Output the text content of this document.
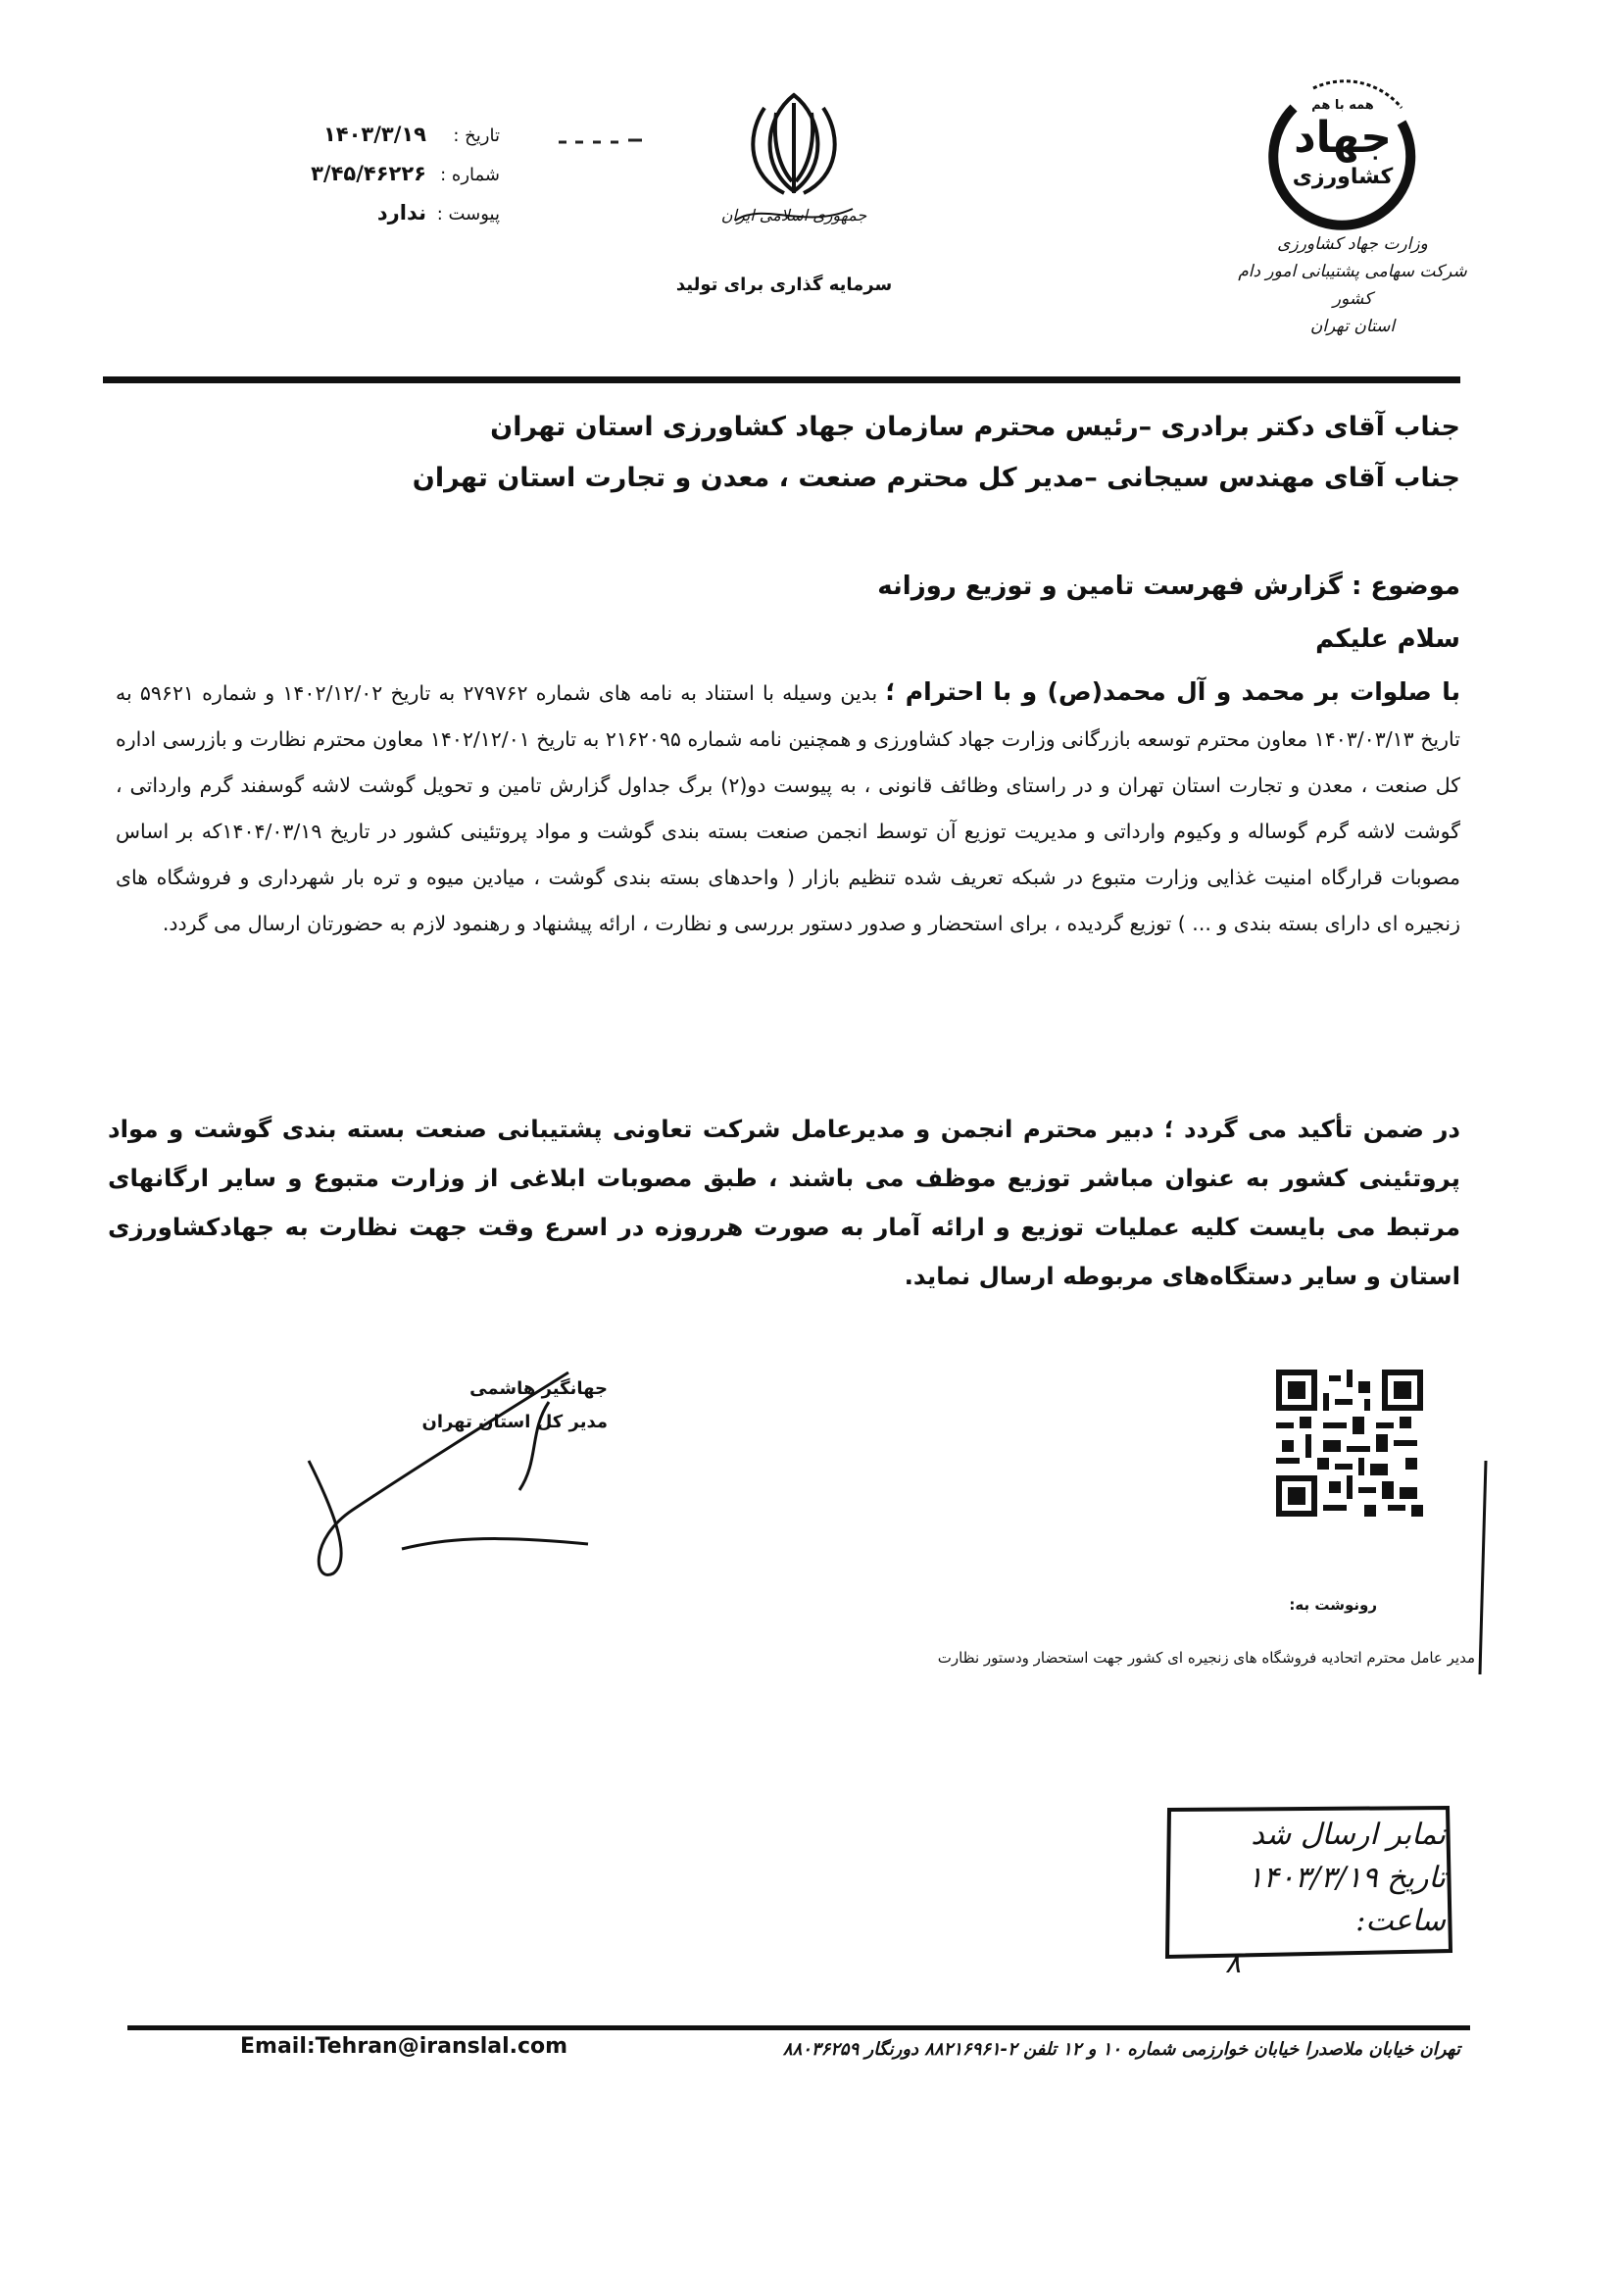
تاریخ :
۱۴۰۳/۳/۱۹
شماره :
۳/۴۵/۴۶۲۲۶
پیوست :
ندارد	جمهوری اسلامی ایران
سرمایه گذاری برای تولید
همه با هم
جهاد
کشاورزی
وزارت جهاد کشاورزی
شرکت سهامی پشتیبانی امور دام کشور
استان تهران
جناب آقای دکتر برادری –رئیس محترم سازمان جهاد کشاورزی استان تهران
جناب آقای مهندس سیجانی –مدیر کل محترم صنعت ، معدن و تجارت استان تهران
موضوع : گزارش فهرست تامین و توزیع روزانه
سلام علیکم
با صلوات بر محمد و آل محمد(ص) و با احترام ؛ بدین وسیله با استناد به نامه های شماره ۲۷۹۷۶۲ به تاریخ ۱۴۰۲/۱۲/۰۲ و شماره ۵۹۶۲۱ به تاریخ ۱۴۰۳/۰۳/۱۳ معاون محترم توسعه بازرگانی وزارت جهاد کشاورزی و همچنین نامه شماره ۲۱۶۲۰۹۵ به تاریخ ۱۴۰۲/۱۲/۰۱ معاون محترم نظارت و بازرسی اداره کل صنعت ، معدن و تجارت استان تهران و در راستای وظائف قانونی ، به پیوست دو(۲) برگ جداول گزارش تامین و تحویل گوشت لاشه گوسفند گرم وارداتی ، گوشت لاشه گرم گوساله و وکیوم وارداتی و مدیریت توزیع آن توسط انجمن صنعت بسته بندی گوشت و مواد پروتئینی کشور در تاریخ ۱۴۰۴/۰۳/۱۹که بر اساس مصوبات قرارگاه امنیت غذایی وزارت متبوع در شبکه تعریف شده تنظیم بازار ( واحدهای بسته بندی گوشت ، میادین میوه و تره بار شهرداری و فروشگاه های زنجیره ای دارای بسته بندی و ... ) توزیع گردیده ، برای استحضار و صدور دستور بررسی و نظارت ، ارائه پیشنهاد و رهنمود لازم به حضورتان ارسال می گردد.
در ضمن تأکید می گردد ؛ دبیر محترم انجمن و مدیرعامل شرکت تعاونی پشتیبانی صنعت بسته بندی گوشت و مواد پروتئینی کشور به عنوان مباشر توزیع موظف می باشند ، طبق مصوبات ابلاغی از وزارت متبوع و سایر ارگانهای مرتبط می بایست کلیه عملیات توزیع و ارائه آمار به صورت هرروزه در اسرع وقت جهت نظارت به جهادکشاورزی استان و سایر دستگاه‌های مربوطه ارسال نماید.
جهانگیر هاشمی
مدیر کل استان تهران
رونوشت به:
مدیر عامل محترم اتحادیه فروشگاه های زنجیره ای کشور جهت استحضار ودستور نظارت
نمابر ارسال شد
تاریخ ۱۴۰۳/۳/۱۹
ساعت:
۸
Email:Tehran@iranslal.com	تهران خیابان ملاصدرا خیابان خوارزمی شماره ۱۰ و ۱۲ تلفن ۲-۸۸۲۱۶۹۶۱ دورنگار ۸۸۰۳۶۲۵۹
